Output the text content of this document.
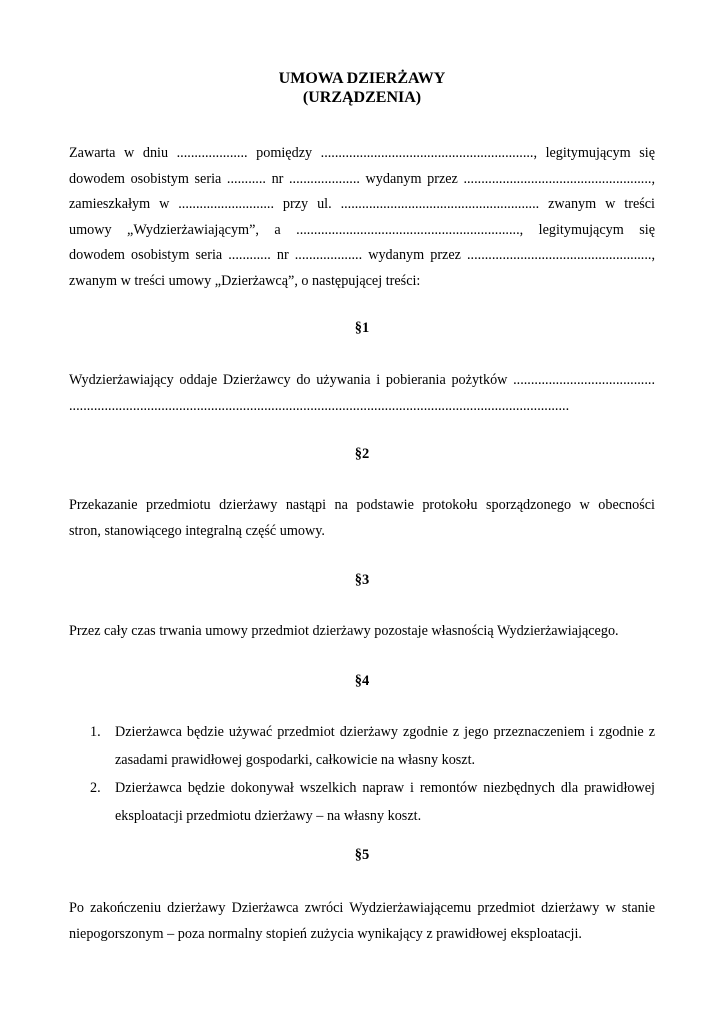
UMOWA DZIERŻAWY
(URZĄDZENIA)
Zawarta w dniu .................... pomiędzy ............................................................, legitymującym się
dowodem osobistym seria ........... nr .................... wydanym przez .....................................................,
zamieszkałym w ........................... przy ul. ........................................................ zwanym w treści
umowy „Wydzierżawiającym”, a ..............................................................., legitymującym się
dowodem osobistym seria ............ nr ................... wydanym przez ....................................................,
zwanym w treści umowy „Dzierżawcą”, o następującej treści:
§1
Wydzierżawiający oddaje Dzierżawcy do używania i pobierania pożytków ........................................
.............................................................................................................................................
§2
Przekazanie przedmiotu dzierżawy nastąpi na podstawie protokołu sporządzonego w obecności
stron, stanowiącego integralną część umowy.
§3
Przez cały czas trwania umowy przedmiot dzierżawy pozostaje własnością Wydzierżawiającego.
§4
1. Dzierżawca będzie używać przedmiot dzierżawy zgodnie z jego przeznaczeniem i zgodnie z
zasadami prawidłowej gospodarki, całkowicie na własny koszt.
2. Dzierżawca będzie dokonywał wszelkich napraw i remontów niezbędnych dla prawidłowej
eksploatacji przedmiotu dzierżawy – na własny koszt.
§5
Po zakończeniu dzierżawy Dzierżawca zwróci Wydzierżawiającemu przedmiot dzierżawy w stanie
niepogorszonym – poza normalny stopień zużycia wynikający z prawidłowej eksploatacji.
